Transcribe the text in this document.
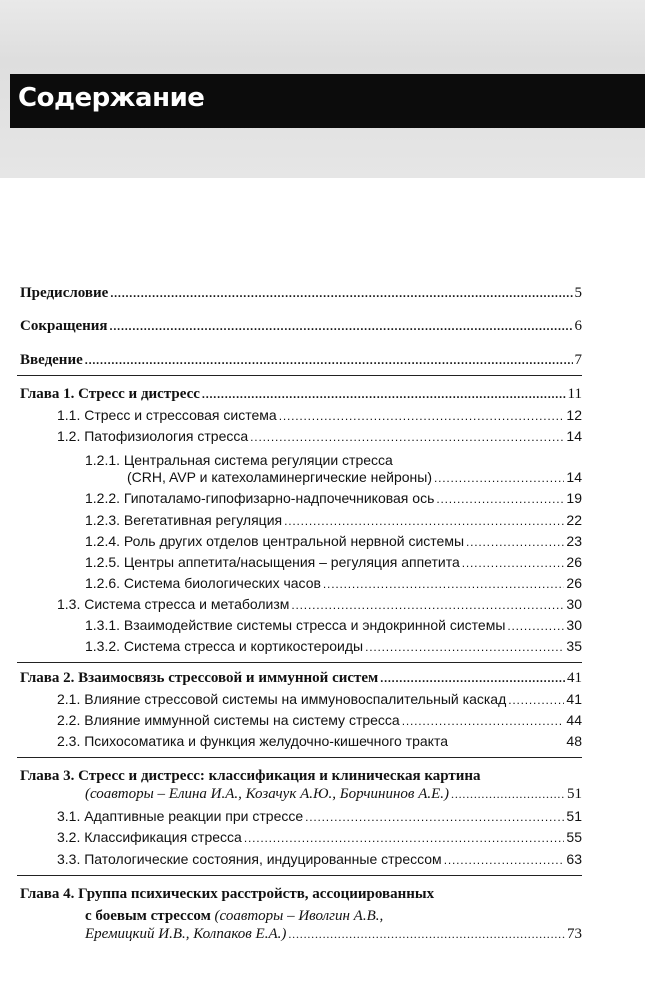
Содержание
Предисловие .....	5
Сокращения .....	6
Введение .....	7
Глава 1. Стресс и дистресс .....	11
1.1. Стресс и стрессовая система .....	12
1.2. Патофизиология стресса .....	14
1.2.1. Центральная система регуляции стресса
(CRH, AVP и катехоламинергические нейроны) .....	14
1.2.2. Гипоталамо-гипофизарно-надпочечниковая ось .....	19
1.2.3. Вегетативная регуляция .....	22
1.2.4. Роль других отделов центральной нервной системы .....	23
1.2.5. Центры аппетита/насыщения – регуляция аппетита .....	26
1.2.6. Система биологических часов .....	26
1.3. Система стресса и метаболизм .....	30
1.3.1. Взаимодействие системы стресса и эндокринной системы .....	30
1.3.2. Система стресса и кортикостероиды .....	35
Глава 2. Взаимосвязь стрессовой и иммунной систем .....	41
2.1. Влияние стрессовой системы на иммуновоспалительный каскад .....	41
2.2. Влияние иммунной системы на систему стресса .....	44
2.3. Психосоматика и функция желудочно-кишечного тракта	48
Глава 3. Стресс и дистресс: классификация и клиническая картина
(соавторы – Елина И.А., Козачук А.Ю., Борчининов А.Е.) .....	51
3.1. Адаптивные реакции при стрессе .....	51
3.2. Классификация стресса .....	55
3.3. Патологические состояния, индуцированные стрессом .....	63
Глава 4. Группа психических расстройств, ассоциированных
с боевым стрессом (соавторы – Иволгин А.В.,
Еремицкий И.В., Колпаков Е.А.) .....	73
